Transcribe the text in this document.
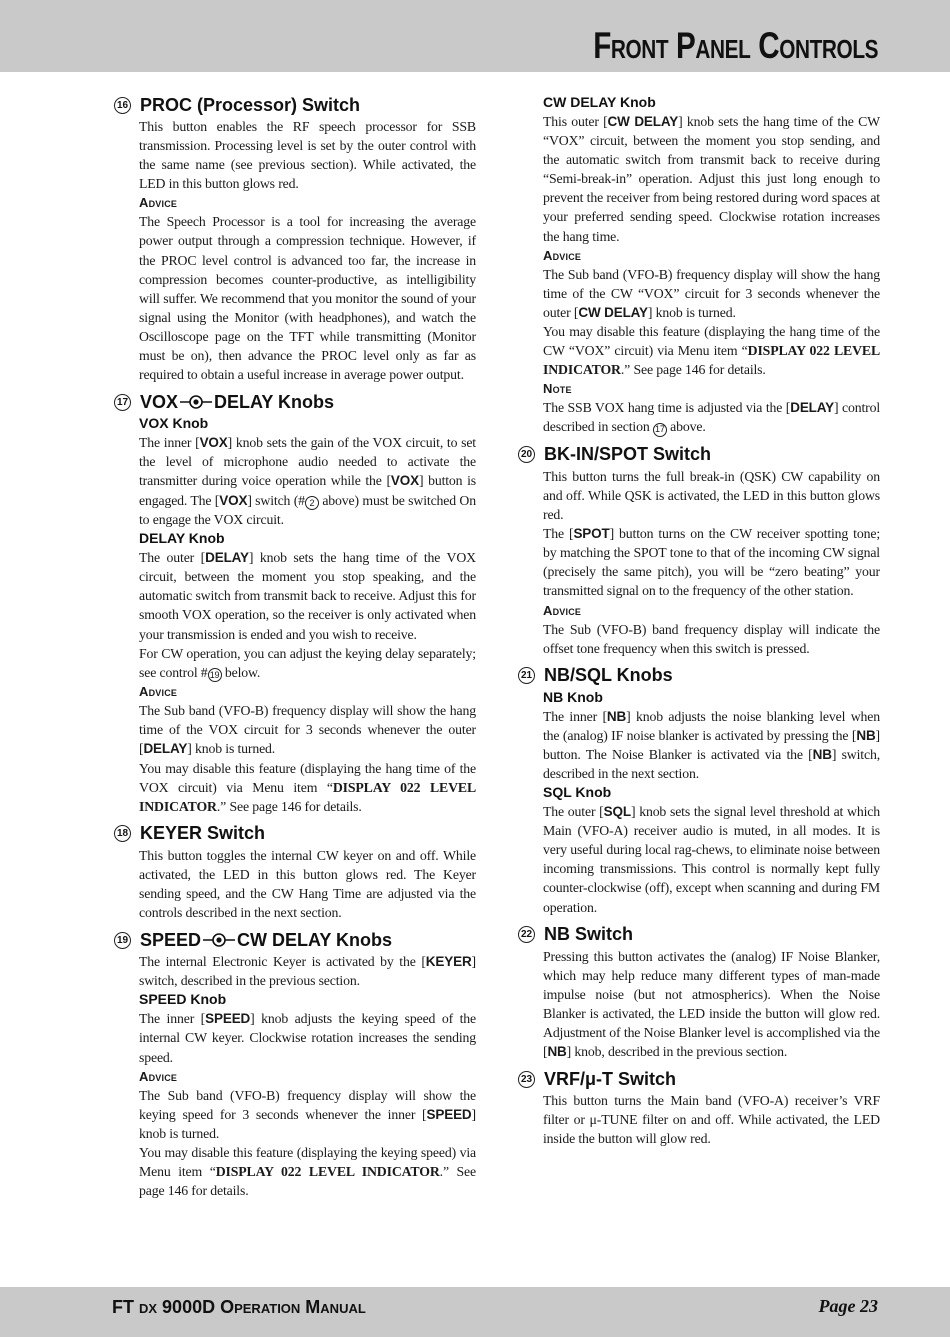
Front Panel Controls
16 PROC (Processor) Switch

This button enables the RF speech processor for SSB transmission. Processing level is set by the outer control with the same name (see previous section). While activated, the LED in this button glows red.

Advice

The Speech Processor is a tool for increasing the average power output through a compression technique. However, if the PROC level control is advanced too far, the increase in compression becomes counter-productive, as intelligibility will suffer. We recommend that you monitor the sound of your signal using the Monitor (with headphones), and watch the Oscilloscope page on the TFT while transmitting (Monitor must be on), then advance the PROC level only as far as required to obtain a useful increase in average power output.

17 VOX DELAY Knobs
VOX Knob

The inner [VOX] knob sets the gain of the VOX circuit, to set the level of microphone audio needed to activate the transmitter during voice operation while the [VOX] button is engaged. The [VOX] switch (# 2 above) must be switched On to engage the VOX circuit.

DELAY Knob

The outer [DELAY] knob sets the hang time of the VOX circuit, between the moment you stop speaking, and the automatic switch from transmit back to receive. Adjust this for smooth VOX operation, so the receiver is only activated when your transmission is ended and you wish to receive.

For CW operation, you can adjust the keying delay separately; see control # 19 below.

Advice

The Sub band (VFO-B) frequency display will show the hang time of the VOX circuit for 3 seconds whenever the outer [DELAY] knob is turned.

You may disable this feature (displaying the hang time of the VOX circuit) via Menu item “DISPLAY 022 LEVEL INDICATOR.” See page 146 for details.

18 KEYER Switch

This button toggles the internal CW keyer on and off. While activated, the LED in this button glows red. The Keyer sending speed, and the CW Hang Time are adjusted via the controls described in the next section.

19 SPEED CW DELAY Knobs

The internal Electronic Keyer is activated by the [KEYER] switch, described in the previous section.

SPEED Knob

The inner [SPEED] knob adjusts the keying speed of the internal CW keyer. Clockwise rotation increases the sending speed.

Advice

The Sub band (VFO-B) frequency display will show the keying speed for 3 seconds whenever the inner [SPEED] knob is turned.

You may disable this feature (displaying the keying speed) via Menu item “DISPLAY 022 LEVEL INDICATOR.” See page 146 for details.

CW DELAY Knob

This outer [CW DELAY] knob sets the hang time of the CW “VOX” circuit, between the moment you stop sending, and the automatic switch from transmit back to receive during “Semi-break-in” operation. Adjust this just long enough to prevent the receiver from being restored during word spaces at your preferred sending speed. Clockwise rotation increases the hang time.

Advice

The Sub band (VFO-B) frequency display will show the hang time of the CW “VOX” circuit for 3 seconds whenever the outer [CW DELAY] knob is turned.

You may disable this feature (displaying the hang time of the CW “VOX” circuit) via Menu item “DISPLAY 022 LEVEL INDICATOR.” See page 146 for details.

Note

The SSB VOX hang time is adjusted via the [DELAY] control described in section 17 above.

20 BK-IN/SPOT Switch

This button turns the full break-in (QSK) CW capability on and off. While QSK is activated, the LED in this button glows red.

The [SPOT] button turns on the CW receiver spotting tone; by matching the SPOT tone to that of the incoming CW signal (precisely the same pitch), you will be “zero beating” your transmitted signal on to the frequency of the other station.

Advice

The Sub (VFO-B) band frequency display will indicate the offset tone frequency when this switch is pressed.

21 NB/SQL Knobs
NB Knob

The inner [NB] knob adjusts the noise blanking level when the (analog) IF noise blanker is activated by pressing the [NB] button. The Noise Blanker is activated via the [NB] switch, described in the next section.

SQL Knob

The outer [SQL] knob sets the signal level threshold at which Main (VFO-A) receiver audio is muted, in all modes. It is very useful during local rag-chews, to eliminate noise between incoming transmissions. This control is normally kept fully counter-clockwise (off), except when scanning and during FM operation.

22 NB Switch

Pressing this button activates the (analog) IF Noise Blanker, which may help reduce many different types of man-made impulse noise (but not atmospherics). When the Noise Blanker is activated, the LED inside the button will glow red. Adjustment of the Noise Blanker level is accomplished via the [NB] knob, described in the previous section.

23 VRF/μ-T Switch

This button turns the Main band (VFO-A) receiver’s VRF filter or μ-TUNE filter on and off. While activated, the LED inside the button will glow red.

FT dx 9000D Operation Manual	Page 23
